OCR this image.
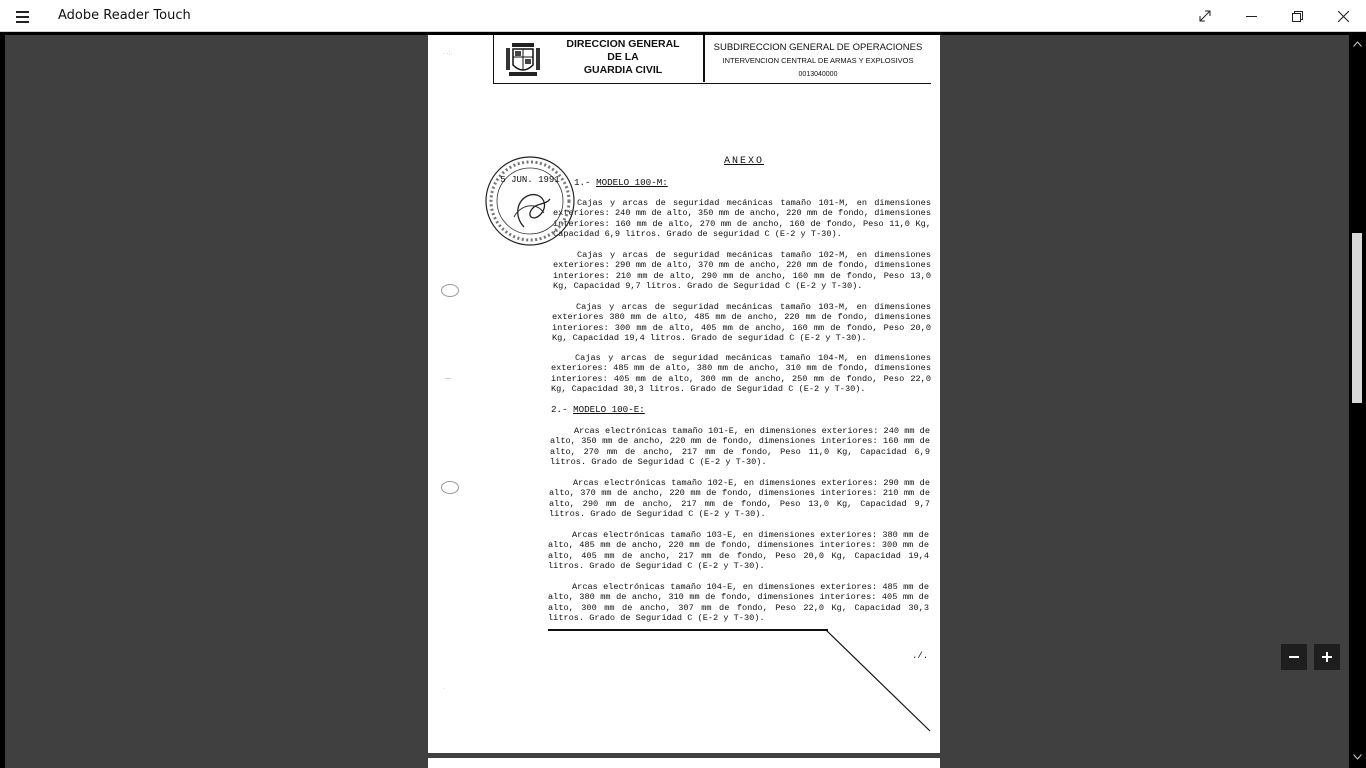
Adobe Reader Touch
· ·:·
DIRECCION GENERAL
DE LA
GUARDIA CIVIL
SUBDIRECCION GENERAL DE OPERACIONES
INTERVENCION CENTRAL DE ARMAS Y EXPLOSIVOS
0013040000
ANEXO
1.- MODELO 100-M:
Cajas y arcas de seguridad mecánicas tamaño 101-M, en dimensiones exteriores: 240 mm de alto, 350 mm de ancho, 220 mm de fondo, dimensiones interiores: 160 mm de alto, 270 mm de ancho, 160 de fondo, Peso 11,0 Kg, Capacidad 6,9 litros. Grado de seguridad C (E-2 y T-30).
Cajas y arcas de seguridad mecánicas tamaño 102-M, en dimensiones exteriores: 290 mm de alto, 370 mm de ancho, 220 mm de fondo, dimensiones interiores: 210 mm de alto, 290 mm de ancho, 160 mm de fondo, Peso 13,0 Kg, Capacidad 9,7 litros. Grado de Seguridad C (E-2 y T-30).
Cajas y arcas de seguridad mecánicas tamaño 103-M, en dimensiones exteriores 380 mm de alto, 485 mm de ancho, 220 mm de fondo, dimensiones interiores: 300 mm de alto, 405 mm de ancho, 160 mm de fondo, Peso 20,0 Kg, Capacidad 19,4 litros. Grado de seguridad C (E-2 y T-30).
Cajas y arcas de seguridad mecánicas tamaño 104-M, en dimensiones exteriores: 485 mm de alto, 380 mm de ancho, 310 mm de fondo, dimensiones interiores: 405 mm de alto, 300 mm de ancho, 250 mm de fondo, Peso 22,0 Kg, Capacidad 30,3 litros. Grado de Seguridad C (E-2 y T-30).
2.- MODELO 100-E:
Arcas electrónicas tamaño 101-E, en dimensiones exteriores: 240 mm de alto, 350 mm de ancho, 220 mm de fondo, dimensiones interiores: 160 mm de alto, 270 mm de ancho, 217 mm de fondo, Peso 11,0 Kg, Capacidad 6,9 litros. Grado de Seguridad C (E-2 y T-30).
Arcas electrónicas tamaño 102-E, en dimensiones exteriores: 290 mm de alto, 370 mm de ancho, 220 mm de fondo, dimensiones interiores: 210 mm de alto, 290 mm de ancho, 217 mm de fondo, Peso 13,0 Kg, Capacidad 9,7 litros. Grado de Seguridad C (E-2 y T-30).
Arcas electrónicas tamaño 103-E, en dimensiones exteriores: 380 mm de alto, 485 mm de ancho, 220 mm de fondo, dimensiones interiores: 300 mm de alto, 405 mm de ancho, 217 mm de fondo, Peso 20,0 Kg, Capacidad 19,4 litros. Grado de Seguridad C (E-2 y T-30).
Arcas electrónicas tamaño 104-E, en dimensiones exteriores: 485 mm de alto, 380 mm de ancho, 310 mm de fondo, dimensiones interiores: 405 mm de alto, 300 mm de ancho, 307 mm de fondo, Peso 22,0 Kg, Capacidad 30,3 litros. Grado de Seguridad C (E-2 y T-30).
5 JUN. 1991
—
·
./.
